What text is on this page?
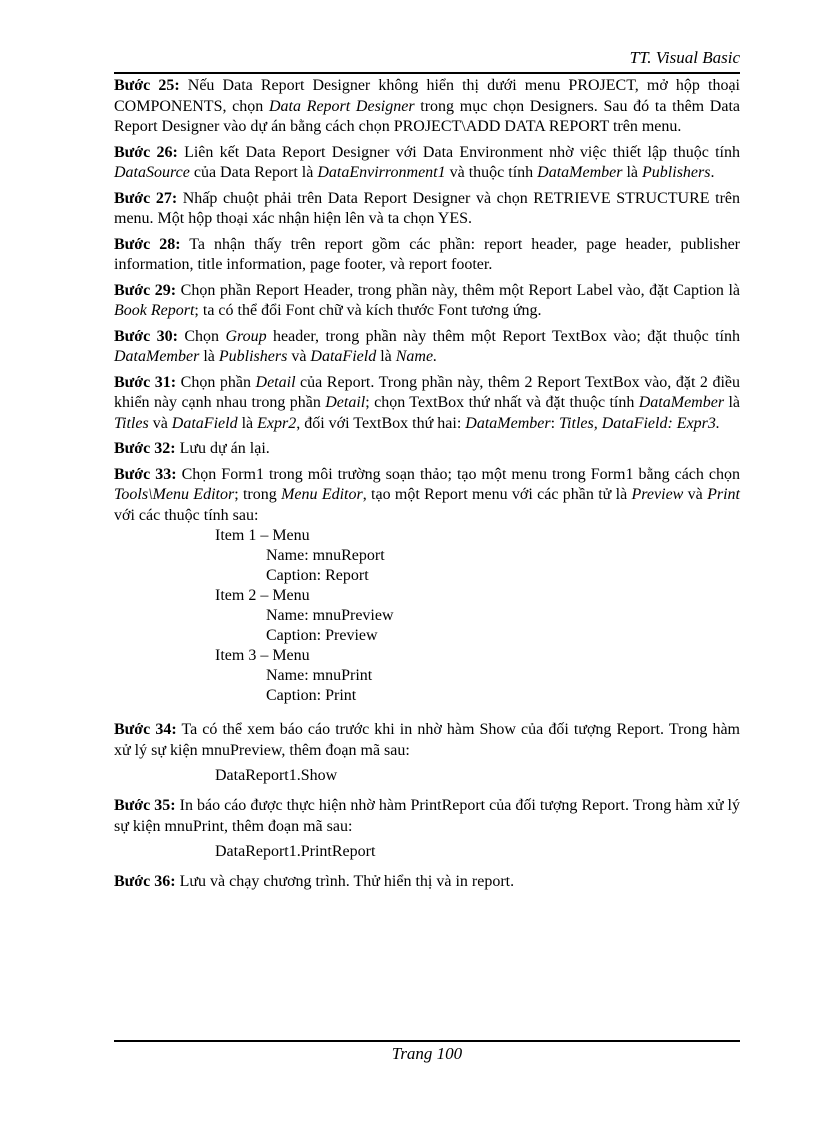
TT. Visual Basic

Bước 25: Nếu Data Report Designer không hiển thị dưới menu PROJECT, mở hộp thoại COMPONENTS, chọn Data Report Designer trong mục chọn Designers. Sau đó ta thêm Data Report Designer vào dự án bằng cách chọn PROJECT\ADD DATA REPORT trên menu.

Bước 26: Liên kết Data Report Designer với Data Environment nhờ việc thiết lập thuộc tính DataSource của Data Report là DataEnvirronment1 và thuộc tính DataMember là Publishers.

Bước 27: Nhấp chuột phải trên Data Report Designer và chọn RETRIEVE STRUCTURE trên menu. Một hộp thoại xác nhận hiện lên và ta chọn YES.

Bước 28: Ta nhận thấy trên report gồm các phần: report header, page header, publisher information, title information, page footer, và report footer.

Bước 29: Chọn phần Report Header, trong phần này, thêm một Report Label vào, đặt Caption là Book Report; ta có thể đổi Font chữ và kích thước Font tương ứng.

Bước 30: Chọn Group header, trong phần này thêm một Report TextBox vào; đặt thuộc tính DataMember là Publishers và DataField là Name.

Bước 31: Chọn phần Detail của Report. Trong phần này, thêm 2 Report TextBox vào, đặt 2 điều khiển này cạnh nhau trong phần Detail; chọn TextBox thứ nhất và đặt thuộc tính DataMember là Titles và DataField là Expr2, đối với TextBox thứ hai: DataMember: Titles, DataField: Expr3.

Bước 32: Lưu dự án lại.

Bước 33: Chọn Form1 trong môi trường soạn thảo; tạo một menu trong Form1 bằng cách chọn Tools\Menu Editor; trong Menu Editor, tạo một Report menu với các phần tử là Preview và Print với các thuộc tính sau:

Item 1 – Menu
Name: mnuReport
Caption: Report
Item 2 – Menu
Name: mnuPreview
Caption: Preview
Item 3 – Menu
Name: mnuPrint
Caption: Print

Bước 34: Ta có thể xem báo cáo trước khi in nhờ hàm Show của đối tượng Report. Trong hàm xử lý sự kiện mnuPreview, thêm đoạn mã sau:

DataReport1.Show

Bước 35: In báo cáo được thực hiện nhờ hàm PrintReport của đối tượng Report. Trong hàm xử lý sự kiện mnuPrint, thêm đoạn mã sau:

DataReport1.PrintReport

Bước 36: Lưu và chạy chương trình. Thử hiển thị và in report.

Trang 100
